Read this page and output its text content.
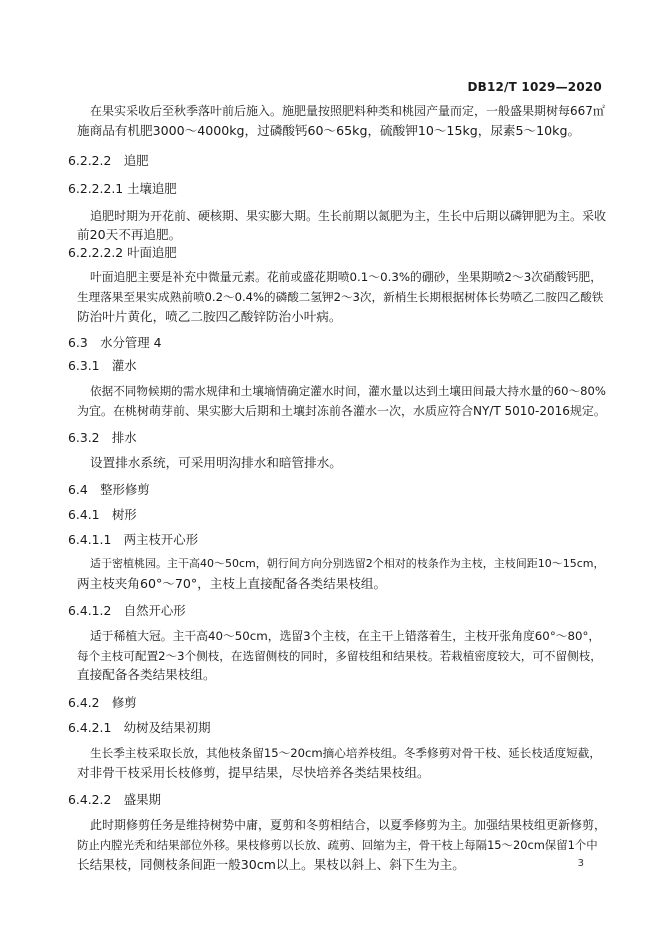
DB12/T 1029—2020
在果实采收后至秋季落叶前后施入。施肥量按照肥料种类和桃园产量而定，一般盛果期树每667㎡
施商品有机肥3000～4000kg，过磷酸钙60～65kg，硫酸钾10～15kg，尿素5～10kg。
6.2.2.2　追肥
6.2.2.2.1 土壤追肥
追肥时期为开花前、硬核期、果实膨大期。生长前期以氮肥为主，生长中后期以磷钾肥为主。采收
前20天不再追肥。
6.2.2.2.2 叶面追肥
叶面追肥主要是补充中微量元素。花前或盛花期喷0.1～0.3%的硼砂，坐果期喷2～3次硝酸钙肥，
生理落果至果实成熟前喷0.2～0.4%的磷酸二氢钾2～3次，新梢生长期根据树体长势喷乙二胺四乙酸铁
防治叶片黄化，喷乙二胺四乙酸锌防治小叶病。
6.3　水分管理 4
6.3.1　灌水
依据不同物候期的需水规律和土壤墒情确定灌水时间，灌水量以达到土壤田间最大持水量的60～80%
为宜。在桃树萌芽前、果实膨大后期和土壤封冻前各灌水一次，水质应符合NY/T 5010-2016规定。
6.3.2　排水
设置排水系统，可采用明沟排水和暗管排水。
6.4　整形修剪
6.4.1　树形
6.4.1.1　两主枝开心形
适于密植桃园。主干高40～50cm，朝行间方向分别选留2个相对的枝条作为主枝，主枝间距10～15cm，
两主枝夹角60°～70°，主枝上直接配备各类结果枝组。
6.4.1.2　自然开心形
适于稀植大冠。主干高40～50cm，选留3个主枝，在主干上错落着生，主枝开张角度60°～80°，
每个主枝可配置2～3个侧枝，在选留侧枝的同时，多留枝组和结果枝。若栽植密度较大，可不留侧枝，
直接配备各类结果枝组。
6.4.2　修剪
6.4.2.1　幼树及结果初期
生长季主枝采取长放，其他枝条留15～20cm摘心培养枝组。冬季修剪对骨干枝、延长枝适度短截，
对非骨干枝采用长枝修剪，提早结果，尽快培养各类结果枝组。
6.4.2.2　盛果期
此时期修剪任务是维持树势中庸，夏剪和冬剪相结合，以夏季修剪为主。加强结果枝组更新修剪，
防止内膛光秃和结果部位外移。果枝修剪以长放、疏剪、回缩为主，骨干枝上每隔15～20cm保留1个中
长结果枝，同侧枝条间距一般30cm以上。果枝以斜上、斜下生为主。	3
